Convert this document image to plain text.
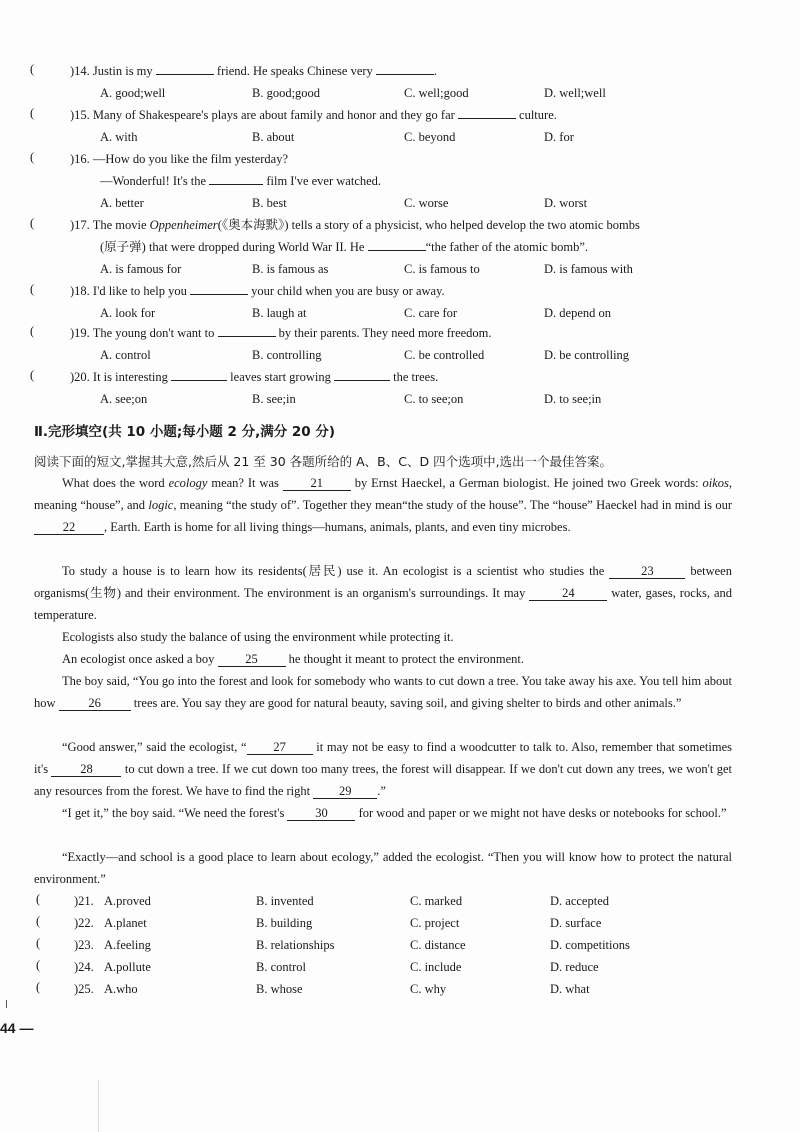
(	)14. Justin is my	friend. He speaks Chinese very	.
A. good;well	B. good;good	C. well;good	D. well;well
(	)15. Many of Shakespeare's plays are about family and honor and they go far	culture.
A. with	B. about	C. beyond	D. for
(	)16. —How do you like the film yesterday?
—Wonderful! It's the	film I've ever watched.
A. better	B. best	C. worse	D. worst
(	)17. The movie Oppenheimer(《奥本海默》) tells a story of a physicist, who helped develop the two atomic bombs
(原子弹) that were dropped during World War II. He	“the father of the atomic bomb”.
A. is famous for	B. is famous as	C. is famous to	D. is famous with
(	)18. I'd like to help you	your child when you are busy or away.
A. look for	B. laugh at	C. care for	D. depend on
(	)19. The young don't want to	by their parents. They need more freedom.
A. control	B. controlling	C. be controlled	D. be controlling
(	)20. It is interesting	leaves start growing	the trees.
A. see;on	B. see;in	C. to see;on	D. to see;in
Ⅱ.完形填空(共 10 小题;每小题 2 分,满分 20 分)
阅读下面的短文,掌握其大意,然后从 21 至 30 各题所给的 A、B、C、D 四个选项中,选出一个最佳答案。
What does the word ecology mean? It was 21 by Ernst Haeckel, a German biologist. He joined two Greek words: oikos, meaning “house”, and logic, meaning “the study of”. Together they mean“the study of the house”. The “house” Haeckel had in mind is our 22 , Earth. Earth is home for all living things—humans, animals, plants, and even tiny microbes.
To study a house is to learn how its residents(居民) use it. An ecologist is a scientist who studies the	23	between organisms(生物) and their environment. The environment is an organism's surroundings. It may	24	water, gases, rocks, and temperature.
Ecologists also study the balance of using the environment while protecting it.
An ecologist once asked a boy 25 he thought it meant to protect the environment.
The boy said, “You go into the forest and look for somebody who wants to cut down a tree. You take away his axe. You tell him about how 26 trees are. You say they are good for natural beauty, saving soil, and giving shelter to birds and other animals.”
“Good answer,” said the ecologist, “ 27 it may not be easy to find a woodcutter to talk to. Also, remember that sometimes it's 28 to cut down a tree. If we cut down too many trees, the forest will disappear. If we don't cut down any trees, we won't get any resources from the forest. We have to find the right 29 .”
“I get it,” the boy said. “We need the forest's 30 for wood and paper or we might not have desks or notebooks for school.”
“Exactly—and school is a good place to learn about ecology,” added the ecologist. “Then you will know how to protect the natural environment.”
(	)21. A.proved	B. invented	C. marked	D. accepted
(	)22. A.planet	B. building	C. project	D. surface
(	)23. A.feeling	B. relationships	C. distance	D. competitions
(	)24. A.pollute	B. control	C. include	D. reduce
(	)25. A.who	B. whose	C. why	D. what
44 —
